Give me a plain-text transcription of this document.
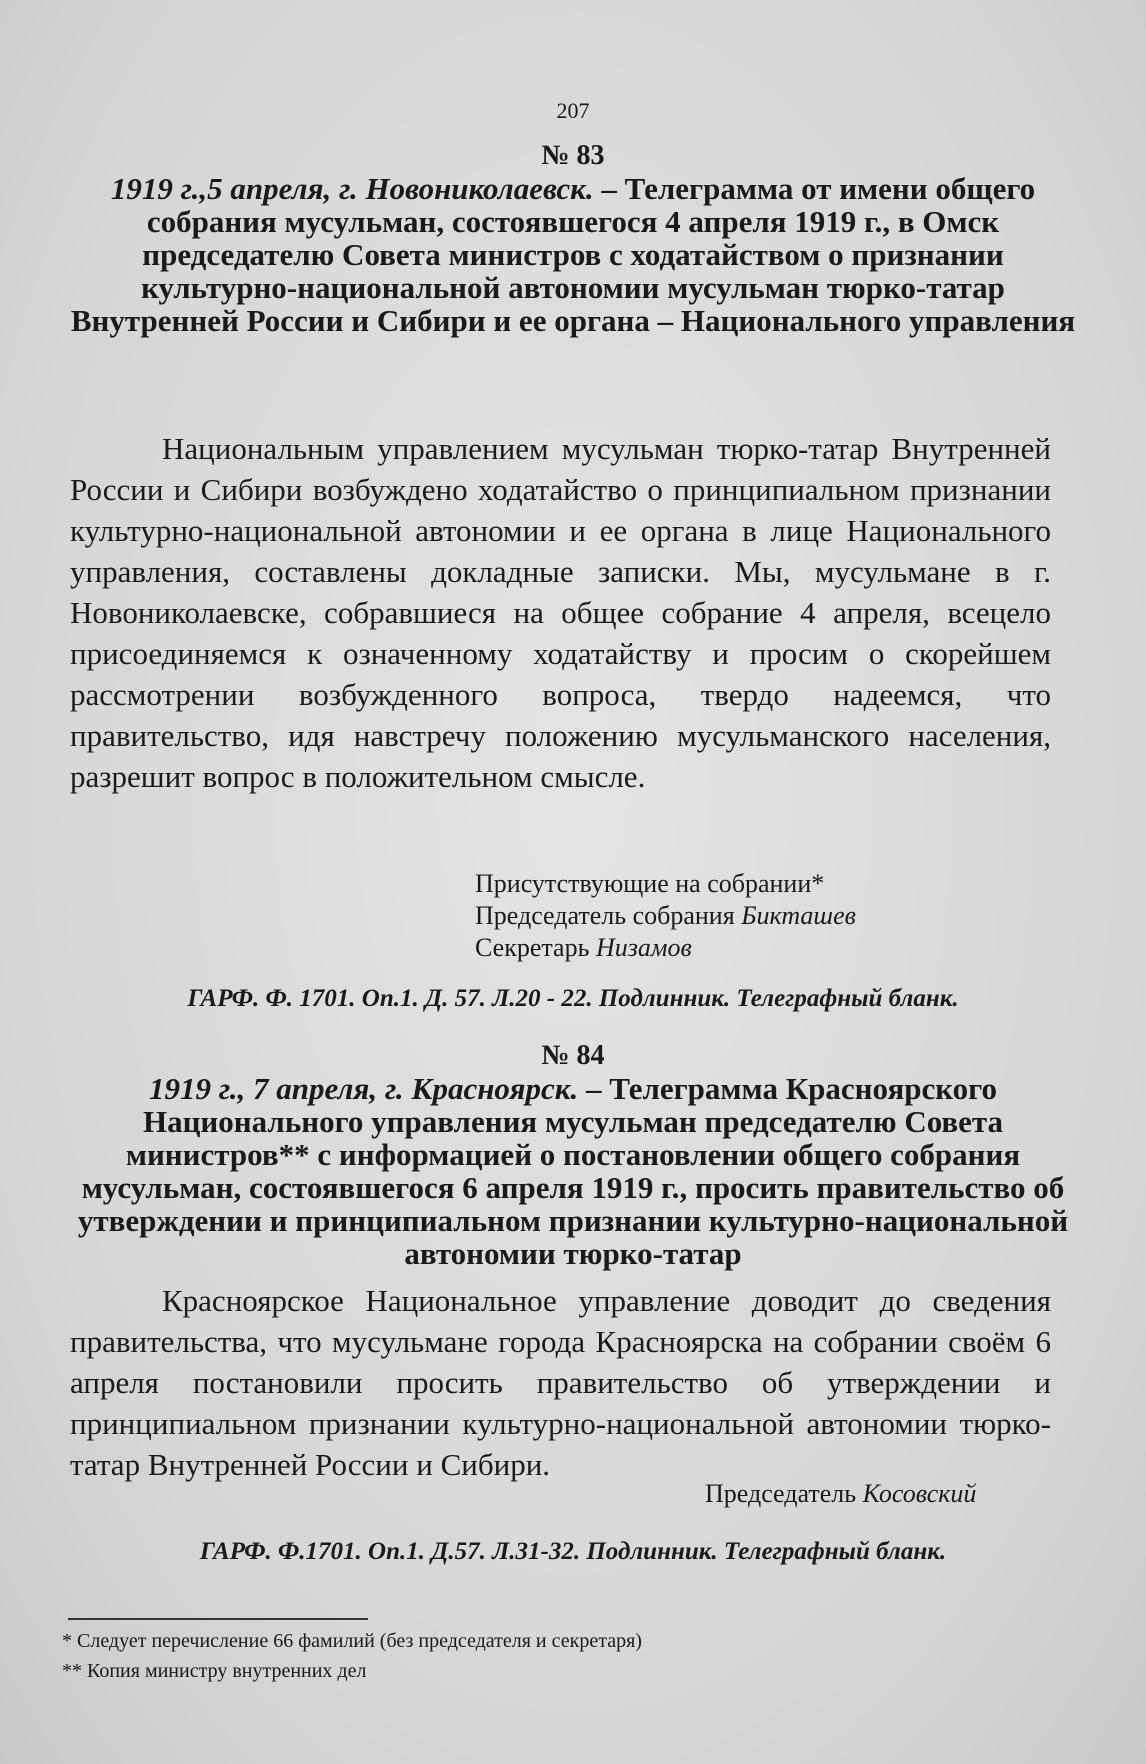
207

№ 83

1919 г.,5 апреля, г. Новониколаевск. – Телеграмма от имени общего собрания мусульман, состоявшегося 4 апреля 1919 г., в Омск председателю Совета министров с ходатайством о признании культурно-национальной автономии мусульман тюрко-татар Внутренней России и Сибири и ее органа – Национального управления

Национальным управлением мусульман тюрко-татар Внутренней России и Сибири возбуждено ходатайство о принципиальном признании культурно-национальной автономии и ее органа в лице Национального управления, составлены докладные записки. Мы, мусульмане в г. Новониколаевске, собравшиеся на общее собрание 4 апреля, всецело присоединяемся к означенному ходатайству и просим о скорейшем рассмотрении возбужденного вопроса, твердо надеемся, что правительство, идя навстречу положению мусульманского населения, разрешит вопрос в положительном смысле.

Присутствующие на собрании*

Председатель собрания Бикташев

Секретарь Низамов

ГАРФ. Ф. 1701. Оп.1. Д. 57. Л.20 - 22. Подлинник. Телеграфный бланк.

№ 84

1919 г., 7 апреля, г. Красноярск. – Телеграмма Красноярского Национального управления мусульман председателю Совета министров** с информацией о постановлении общего собрания мусульман, состоявшегося 6 апреля 1919 г., просить правительство об утверждении и принципиальном признании культурно-национальной автономии тюрко-татар

Красноярское Национальное управление доводит до сведения правительства, что мусульмане города Красноярска на собрании своём 6 апреля постановили просить правительство об утверждении и принципиальном признании культурно-национальной автономии тюрко-татар Внутренней России и Сибири.

Председатель Косовский

ГАРФ. Ф.1701. Оп.1. Д.57. Л.31-32. Подлинник. Телеграфный бланк.

* Следует перечисление 66 фамилий (без председателя и секретаря)
** Копия министру внутренних дел
